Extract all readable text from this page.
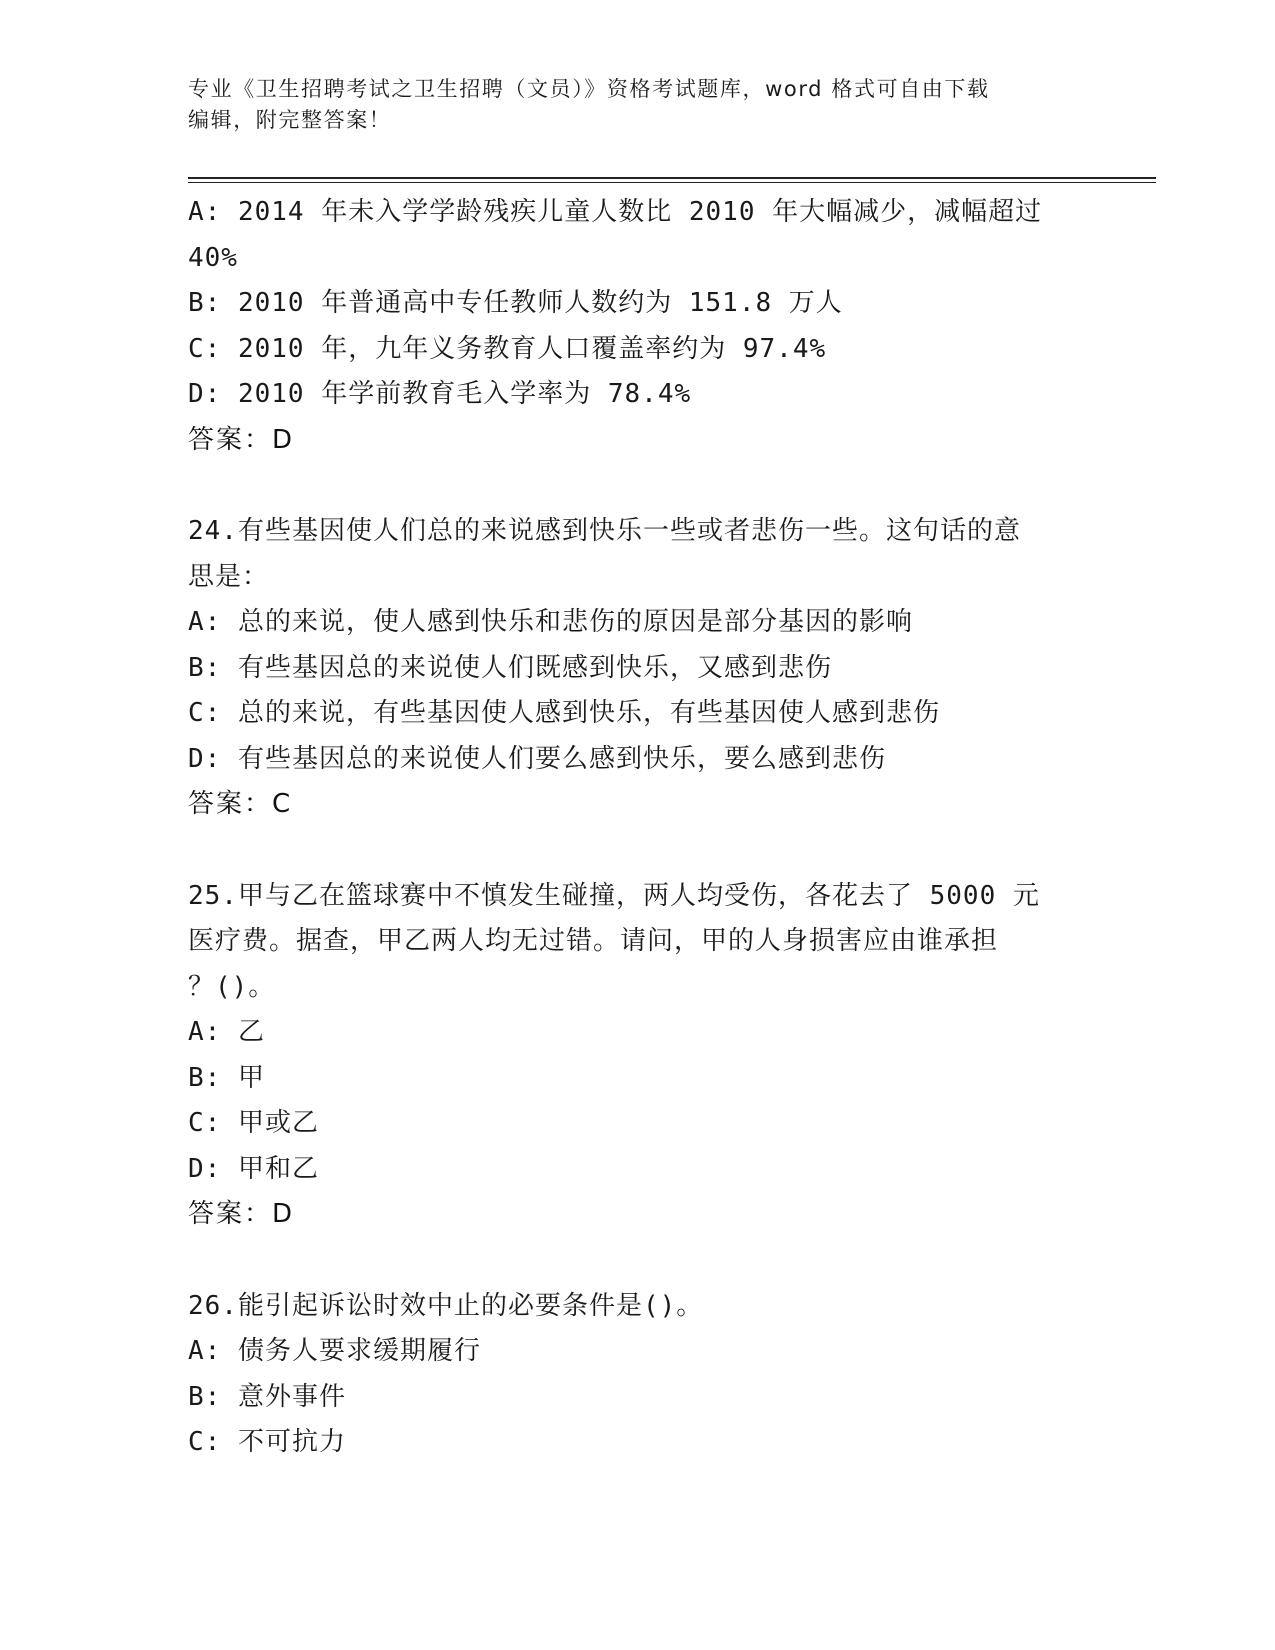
专业《卫生招聘考试之卫生招聘（文员）》资格考试题库，word 格式可自由下载
编辑，附完整答案！
A: 2014 年未入学学龄残疾儿童人数比 2010 年大幅减少，减幅超过
40%
B: 2010 年普通高中专任教师人数约为 151.8 万人
C: 2010 年，九年义务教育人口覆盖率约为 97.4%
D: 2010 年学前教育毛入学率为 78.4%
答案：D
24.有些基因使人们总的来说感到快乐一些或者悲伤一些。这句话的意
思是：
A: 总的来说，使人感到快乐和悲伤的原因是部分基因的影响
B: 有些基因总的来说使人们既感到快乐，又感到悲伤
C: 总的来说，有些基因使人感到快乐，有些基因使人感到悲伤
D: 有些基因总的来说使人们要么感到快乐，要么感到悲伤
答案：C
25.甲与乙在篮球赛中不慎发生碰撞，两人均受伤，各花去了 5000 元
医疗费。据查，甲乙两人均无过错。请问，甲的人身损害应由谁承担
？()。
A: 乙
B: 甲
C: 甲或乙
D: 甲和乙
答案：D
26.能引起诉讼时效中止的必要条件是()。
A: 债务人要求缓期履行
B: 意外事件
C: 不可抗力
